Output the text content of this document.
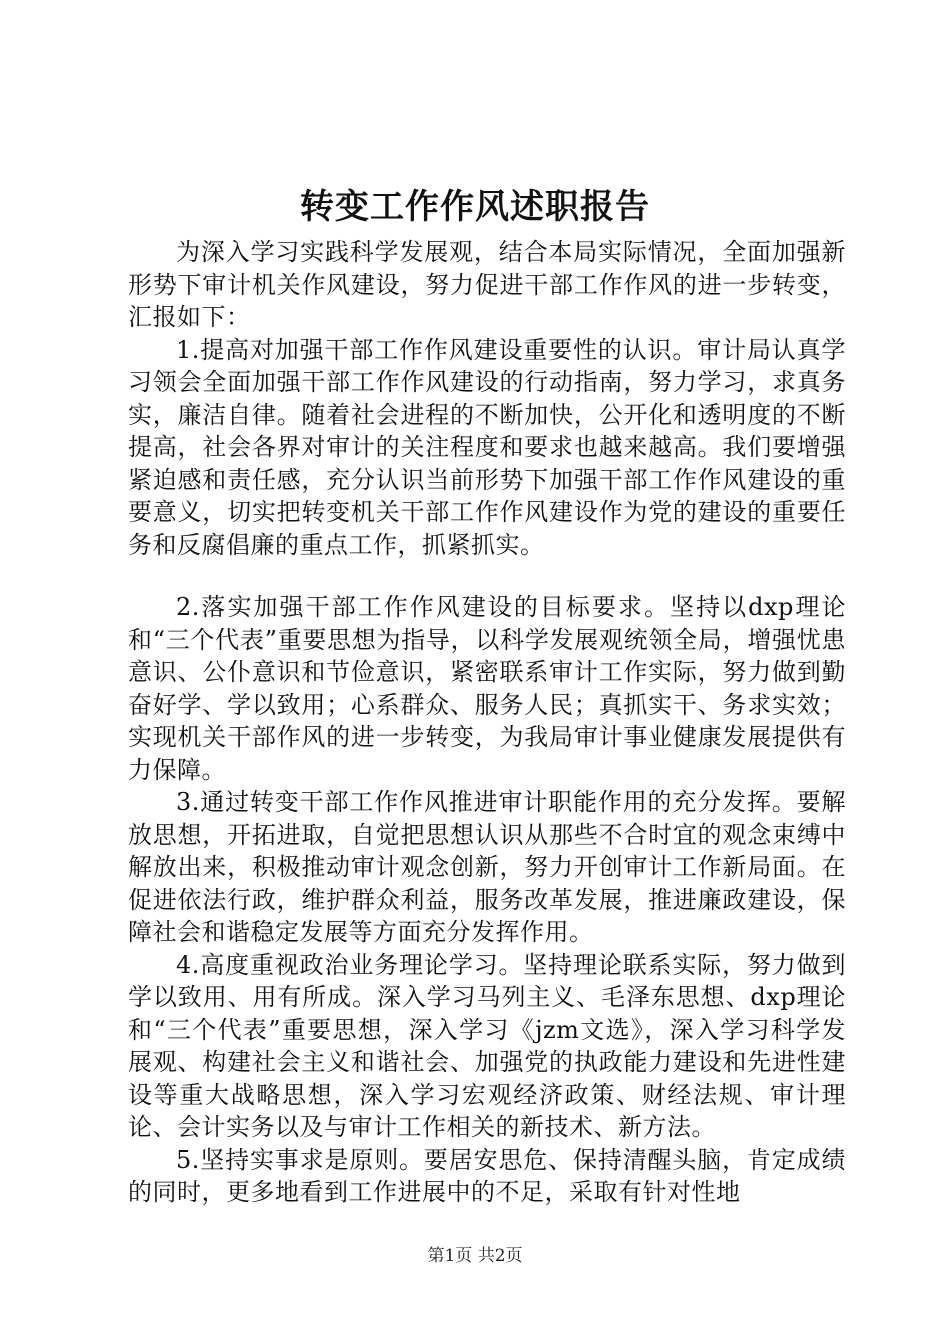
转变工作作风述职报告

为深入学习实践科学发展观，结合本局实际情况，全面加强新形势下审计机关作风建设，努力促进干部工作作风的进一步转变，汇报如下：

1.提高对加强干部工作作风建设重要性的认识。审计局认真学习领会全面加强干部工作作风建设的行动指南，努力学习，求真务实，廉洁自律。随着社会进程的不断加快，公开化和透明度的不断提高，社会各界对审计的关注程度和要求也越来越高。我们要增强紧迫感和责任感，充分认识当前形势下加强干部工作作风建设的重要意义，切实把转变机关干部工作作风建设作为党的建设的重要任务和反腐倡廉的重点工作，抓紧抓实。

2.落实加强干部工作作风建设的目标要求。坚持以dxp理论和“三个代表”重要思想为指导，以科学发展观统领全局，增强忧患意识、公仆意识和节俭意识，紧密联系审计工作实际，努力做到勤奋好学、学以致用；心系群众、服务人民；真抓实干、务求实效；实现机关干部作风的进一步转变，为我局审计事业健康发展提供有力保障。

3.通过转变干部工作作风推进审计职能作用的充分发挥。要解放思想，开拓进取，自觉把思想认识从那些不合时宜的观念束缚中解放出来，积极推动审计观念创新，努力开创审计工作新局面。在促进依法行政，维护群众利益，服务改革发展，推进廉政建设，保障社会和谐稳定发展等方面充分发挥作用。

4.高度重视政治业务理论学习。坚持理论联系实际，努力做到学以致用、用有所成。深入学习马列主义、毛泽东思想、dxp理论和“三个代表”重要思想，深入学习《jzm文选》，深入学习科学发展观、构建社会主义和谐社会、加强党的执政能力建设和先进性建设等重大战略思想，深入学习宏观经济政策、财经法规、审计理论、会计实务以及与审计工作相关的新技术、新方法。

5.坚持实事求是原则。要居安思危、保持清醒头脑，肯定成绩的同时，更多地看到工作进展中的不足，采取有针对性地

第1页 共2页
